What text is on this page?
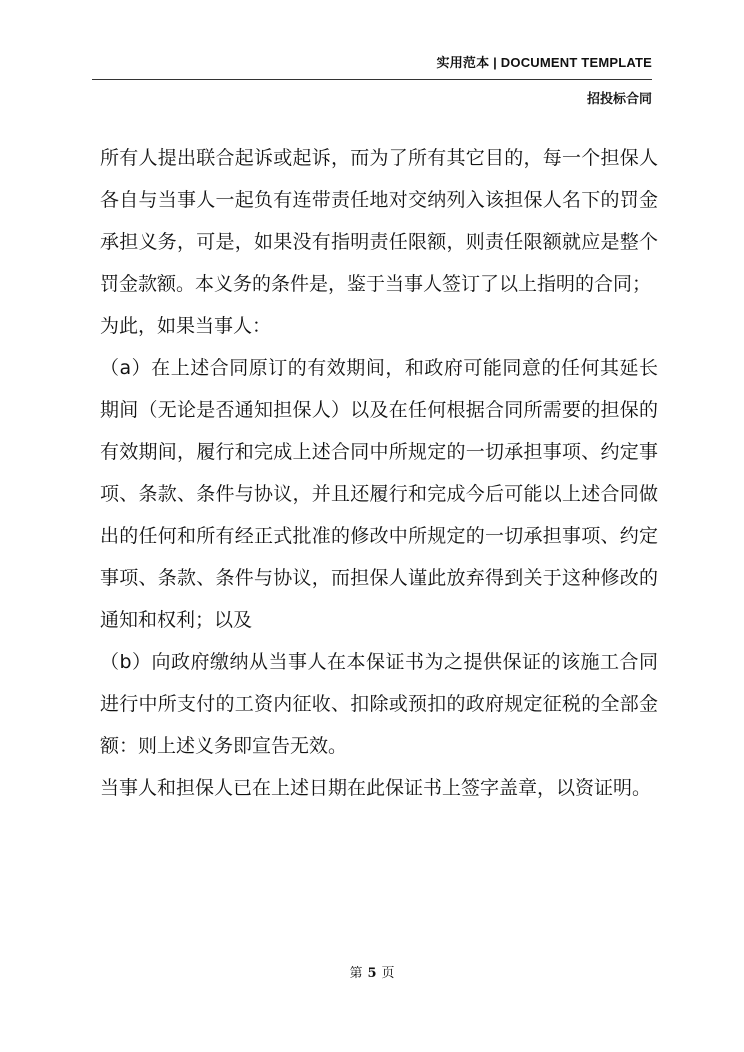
实用范本 | DOCUMENT TEMPLATE
招投标合同

所有人提出联合起诉或起诉，而为了所有其它目的，每一个担保人各自与当事人一起负有连带责任地对交纳列入该担保人名下的罚金承担义务，可是，如果没有指明责任限额，则责任限额就应是整个罚金款额。本义务的条件是，鉴于当事人签订了以上指明的合同；

为此，如果当事人：

（a）在上述合同原订的有效期间，和政府可能同意的任何其延长期间（无论是否通知担保人）以及在任何根据合同所需要的担保的有效期间，履行和完成上述合同中所规定的一切承担事项、约定事项、条款、条件与协议，并且还履行和完成今后可能以上述合同做出的任何和所有经正式批准的修改中所规定的一切承担事项、约定事项、条款、条件与协议，而担保人谨此放弃得到关于这种修改的通知和权利；以及

（b）向政府缴纳从当事人在本保证书为之提供保证的该施工合同进行中所支付的工资内征收、扣除或预扣的政府规定征税的全部金额：则上述义务即宣告无效。

当事人和担保人已在上述日期在此保证书上签字盖章，以资证明。

第 5 页
